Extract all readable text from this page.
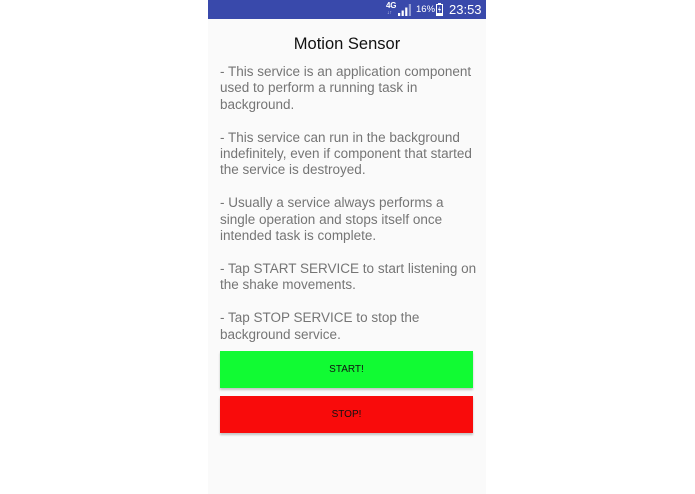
4G
↓↑	16% 23:53
Motion Sensor
- This service is an application component used to perform a running task in background.

- This service can run in the background indefinitely, even if component that started the service is destroyed.

- Usually a service always performs a single operation and stops itself once intended task is complete.

- Tap START SERVICE to start listening on the shake movements.

- Tap STOP SERVICE to stop the background service.
START!
STOP!
